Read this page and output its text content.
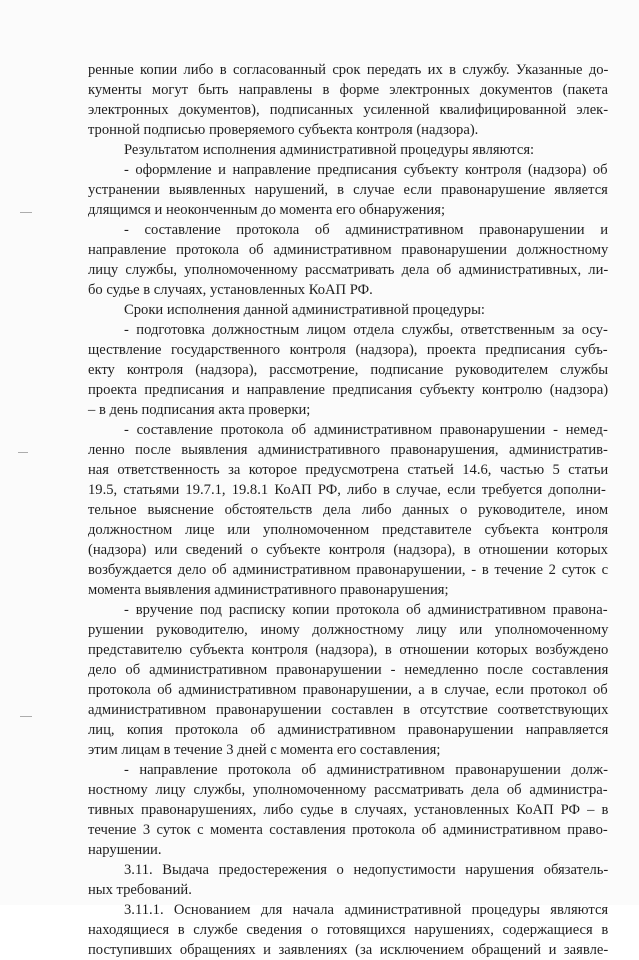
ренные копии либо в согласованный срок передать их в службу. Указанные до-
кументы могут быть направлены в форме электронных документов (пакета
электронных документов), подписанных усиленной квалифицированной элек-
тронной подписью проверяемого субъекта контроля (надзора).
Результатом исполнения административной процедуры являются:
- оформление и направление предписания субъекту контроля (надзора) об
устранении выявленных нарушений, в случае если правонарушение является
длящимся и неоконченным до момента его обнаружения;
- составление протокола об административном правонарушении и
направление протокола об административном правонарушении должностному
лицу службы, уполномоченному рассматривать дела об административных, ли-
бо судье в случаях, установленных КоАП РФ.
Сроки исполнения данной административной процедуры:
- подготовка должностным лицом отдела службы, ответственным за осу-
ществление государственного контроля (надзора), проекта предписания субъ-
екту контроля (надзора), рассмотрение, подписание руководителем службы
проекта предписания и направление предписания субъекту контролю (надзора)
– в день подписания акта проверки;
- составление протокола об административном правонарушении - немед-
ленно после выявления административного правонарушения, административ-
ная ответственность за которое предусмотрена статьей 14.6, частью 5 статьи
19.5, статьями 19.7.1, 19.8.1 КоАП РФ, либо в случае, если требуется дополни-
тельное выяснение обстоятельств дела либо данных о руководителе, ином
должностном лице или уполномоченном представителе субъекта контроля
(надзора) или сведений о субъекте контроля (надзора), в отношении которых
возбуждается дело об административном правонарушении, - в течение 2 суток с
момента выявления административного правонарушения;
- вручение под расписку копии протокола об административном правона-
рушении руководителю, иному должностному лицу или уполномоченному
представителю субъекта контроля (надзора), в отношении которых возбуждено
дело об административном правонарушении - немедленно после составления
протокола об административном правонарушении, а в случае, если протокол об
административном правонарушении составлен в отсутствие соответствующих
лиц, копия протокола об административном правонарушении направляется
этим лицам в течение 3 дней с момента его составления;
- направление протокола об административном правонарушении долж-
ностному лицу службы, уполномоченному рассматривать дела об администра-
тивных правонарушениях, либо судье в случаях, установленных КоАП РФ – в
течение 3 суток с момента составления протокола об административном право-
нарушении.
3.11. Выдача предостережения о недопустимости нарушения обязатель-
ных требований.
3.11.1. Основанием для начала административной процедуры являются
находящиеся в службе сведения о готовящихся нарушениях, содержащиеся в
поступивших обращениях и заявлениях (за исключением обращений и заявле-
